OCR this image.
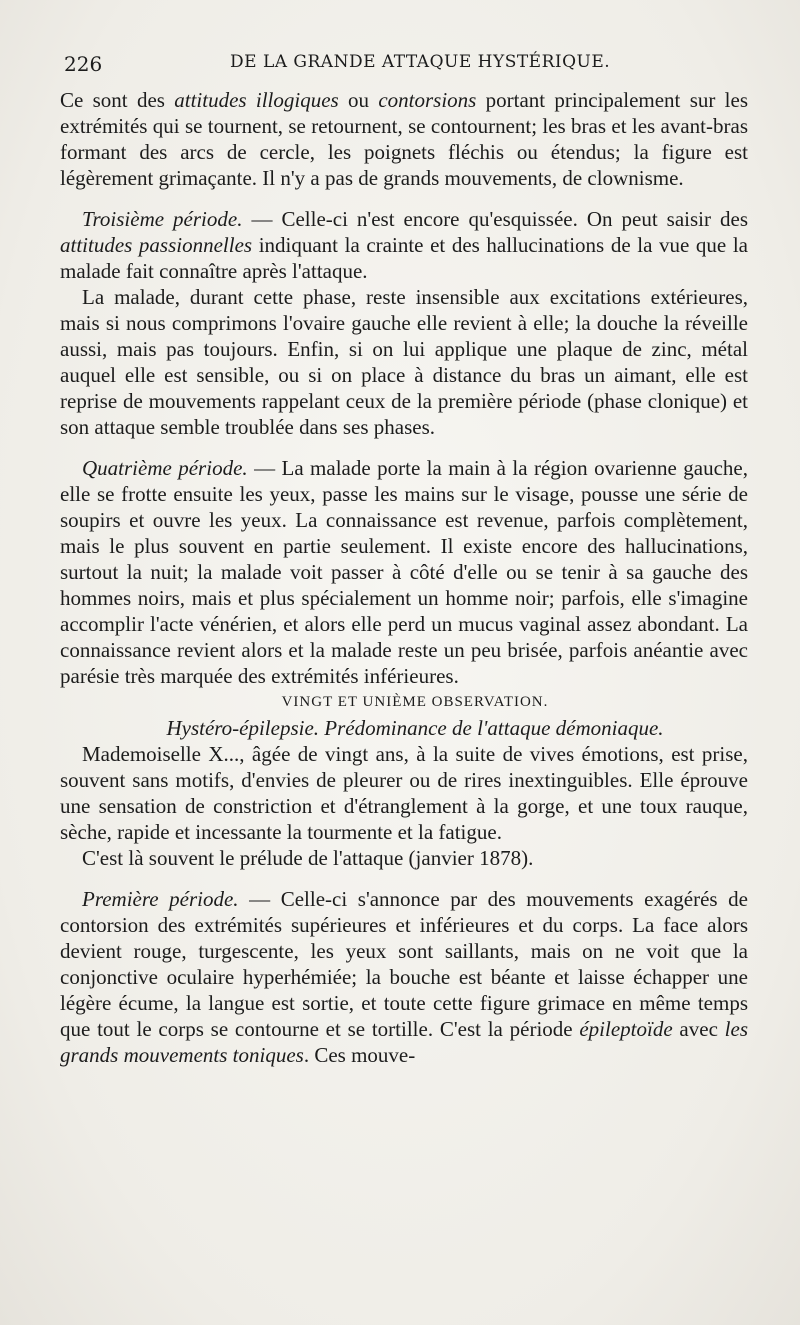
226	DE LA GRANDE ATTAQUE HYSTÉRIQUE.

Ce sont des attitudes illogiques ou contorsions portant principalement sur les extrémités qui se tournent, se retournent, se contournent; les bras et les avant-bras formant des arcs de cercle, les poignets fléchis ou étendus; la figure est légèrement grimaçante. Il n'y a pas de grands mouvements, de clownisme.

Troisième période. — Celle-ci n'est encore qu'esquissée. On peut saisir des attitudes passionnelles indiquant la crainte et des hallucinations de la vue que la malade fait connaître après l'attaque.

La malade, durant cette phase, reste insensible aux excitations extérieures, mais si nous comprimons l'ovaire gauche elle revient à elle; la douche la réveille aussi, mais pas toujours. Enfin, si on lui applique une plaque de zinc, métal auquel elle est sensible, ou si on place à distance du bras un aimant, elle est reprise de mouvements rappelant ceux de la première période (phase clonique) et son attaque semble troublée dans ses phases.

Quatrième période. — La malade porte la main à la région ovarienne gauche, elle se frotte ensuite les yeux, passe les mains sur le visage, pousse une série de soupirs et ouvre les yeux. La connaissance est revenue, parfois complètement, mais le plus souvent en partie seulement. Il existe encore des hallucinations, surtout la nuit; la malade voit passer à côté d'elle ou se tenir à sa gauche des hommes noirs, mais et plus spécialement un homme noir; parfois, elle s'imagine accomplir l'acte vénérien, et alors elle perd un mucus vaginal assez abondant. La connaissance revient alors et la malade reste un peu brisée, parfois anéantie avec parésie très marquée des extrémités inférieures.

VINGT ET UNIÈME OBSERVATION.

Hystéro-épilepsie. Prédominance de l'attaque démoniaque.

Mademoiselle X..., âgée de vingt ans, à la suite de vives émotions, est prise, souvent sans motifs, d'envies de pleurer ou de rires inextinguibles. Elle éprouve une sensation de constriction et d'étranglement à la gorge, et une toux rauque, sèche, rapide et incessante la tourmente et la fatigue.

C'est là souvent le prélude de l'attaque (janvier 1878).

Première période. — Celle-ci s'annonce par des mouvements exagérés de contorsion des extrémités supérieures et inférieures et du corps. La face alors devient rouge, turgescente, les yeux sont saillants, mais on ne voit que la conjonctive oculaire hyperhémiée; la bouche est béante et laisse échapper une légère écume, la langue est sortie, et toute cette figure grimace en même temps que tout le corps se contourne et se tortille. C'est la période épileptoïde avec les grands mouvements toniques. Ces mouve-
